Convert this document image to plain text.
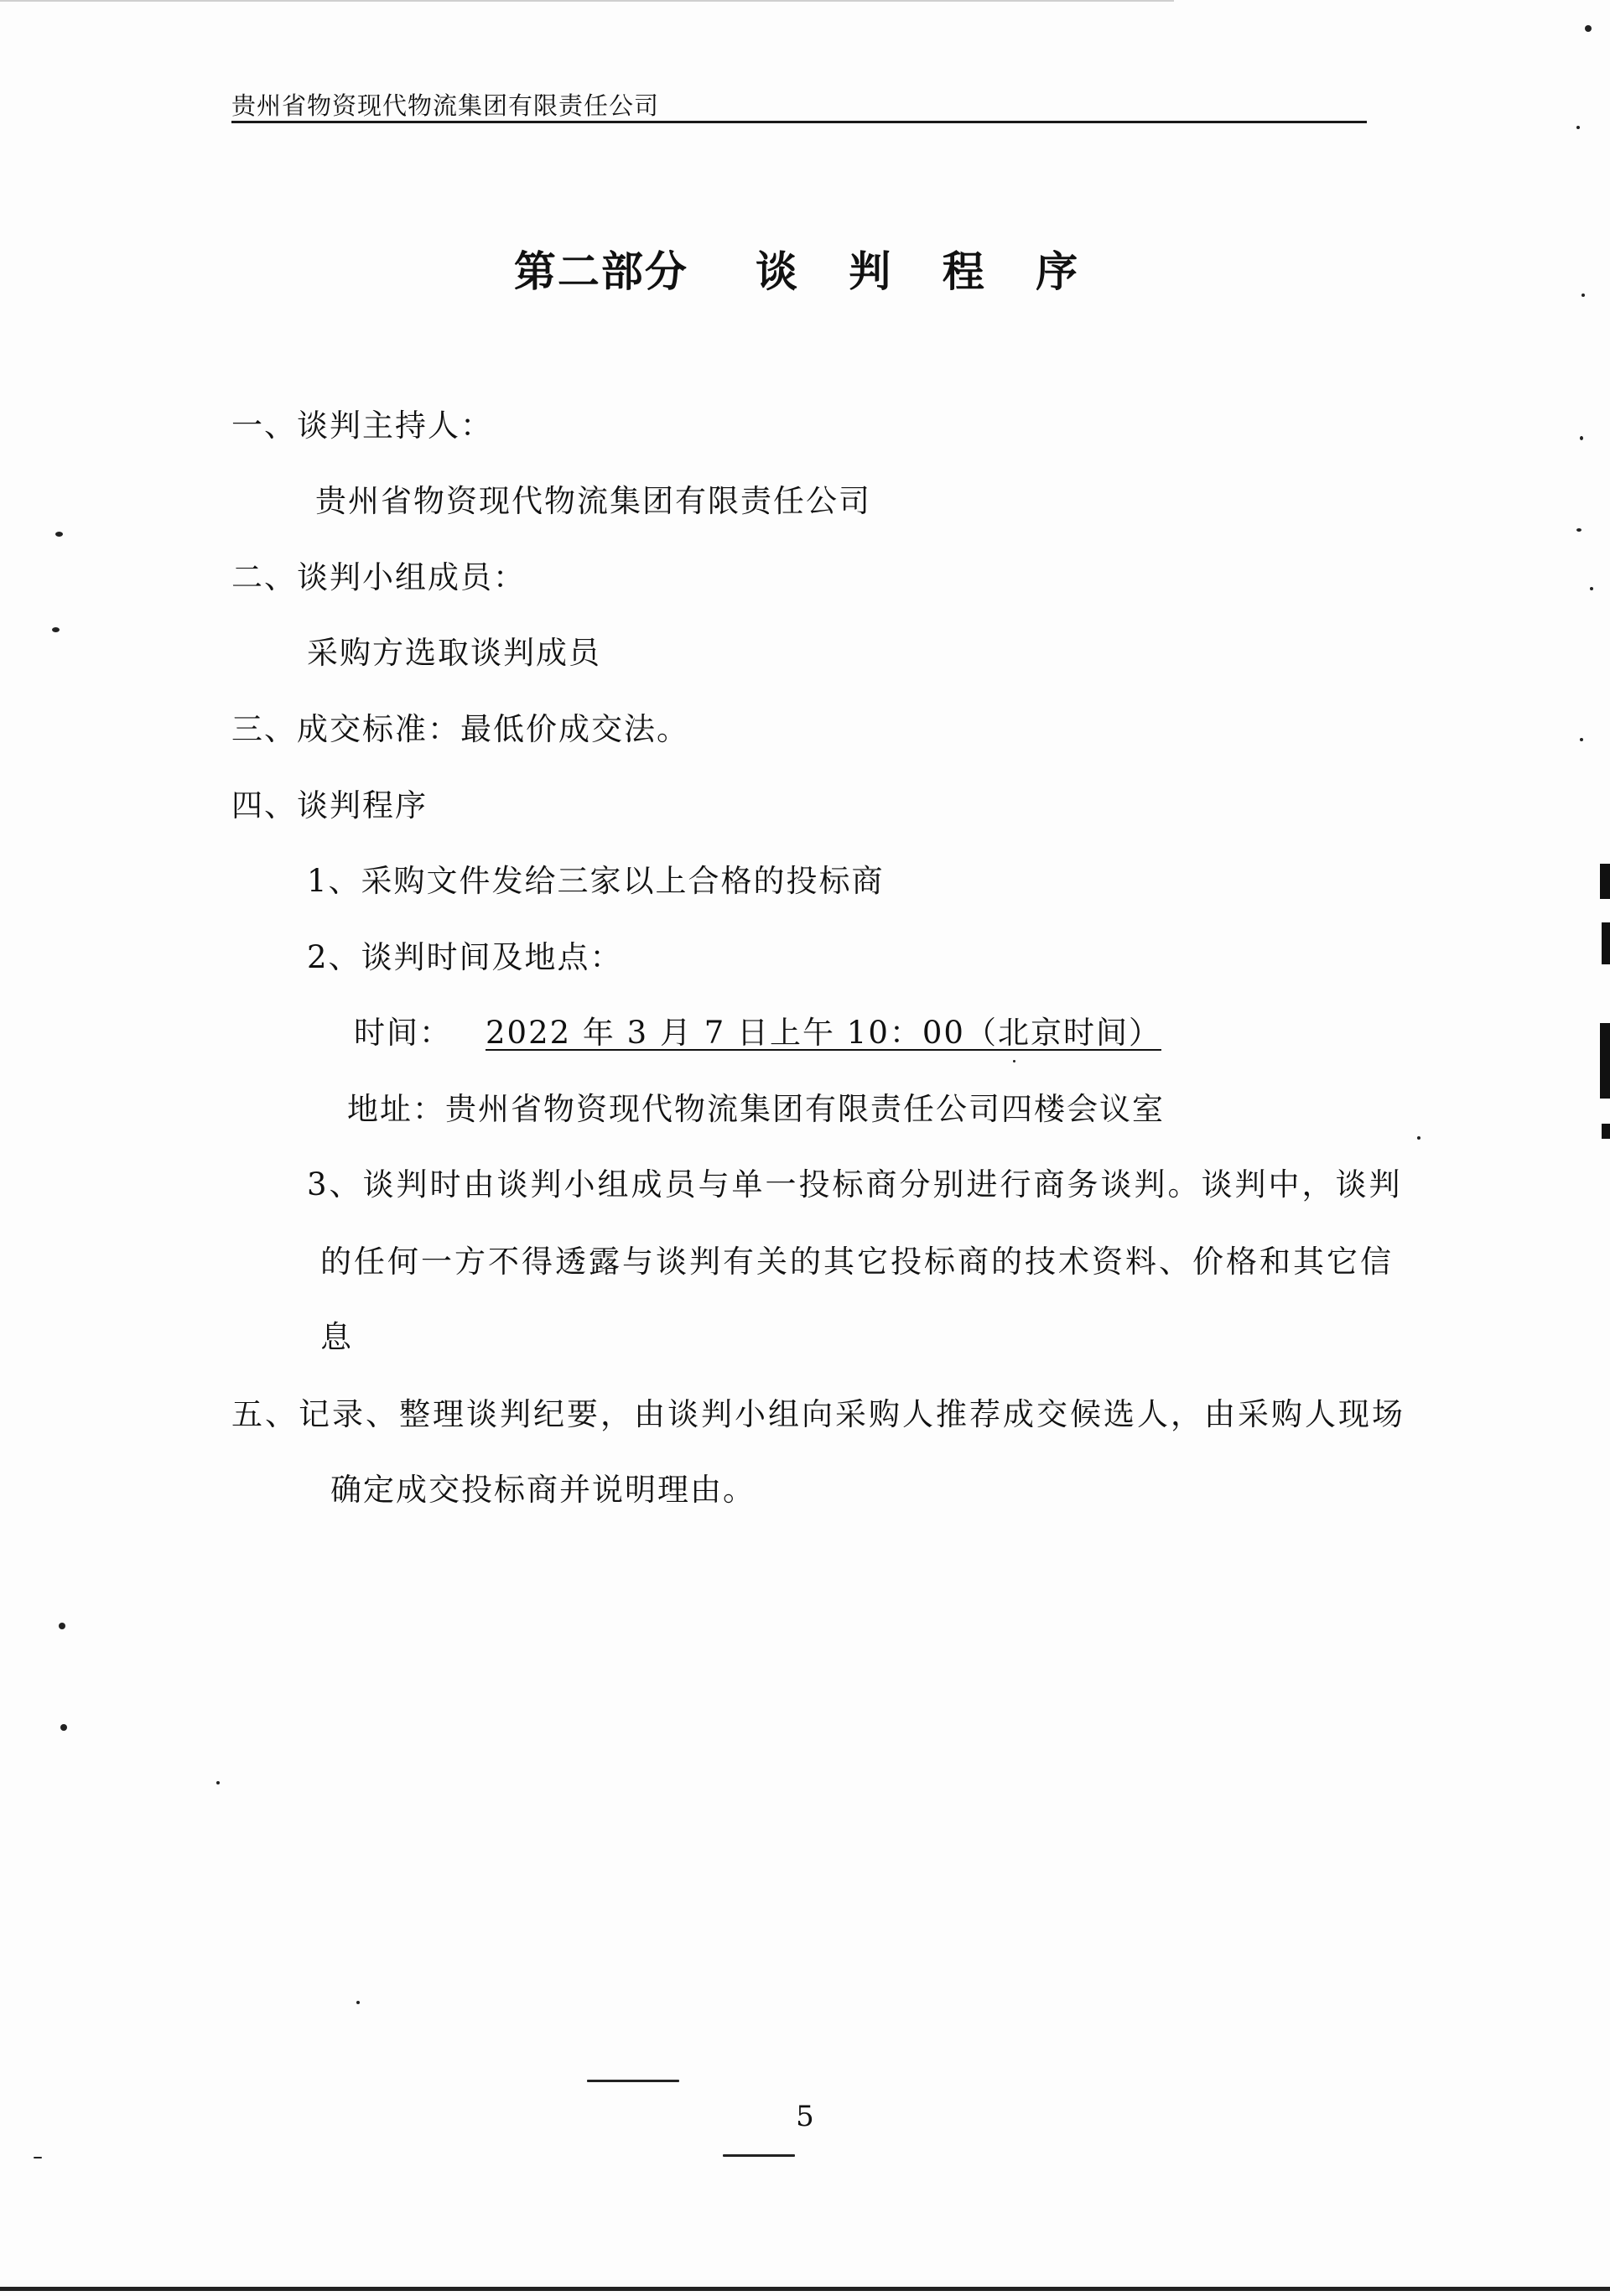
贵州省物资现代物流集团有限责任公司
第二部分 谈 判 程 序
一、谈判主持人：
贵州省物资现代物流集团有限责任公司
二、谈判小组成员：
采购方选取谈判成员
三、成交标准：最低价成交法。
四、谈判程序
1、采购文件发给三家以上合格的投标商
2、谈判时间及地点：
时间： 2022 年 3 月 7 日上午 10：00（北京时间）
地址：贵州省物资现代物流集团有限责任公司四楼会议室
3、谈判时由谈判小组成员与单一投标商分别进行商务谈判。谈判中，谈判
的任何一方不得透露与谈判有关的其它投标商的技术资料、价格和其它信
息
五、记录、整理谈判纪要，由谈判小组向采购人推荐成交候选人，由采购人现场
确定成交投标商并说明理由。
5
